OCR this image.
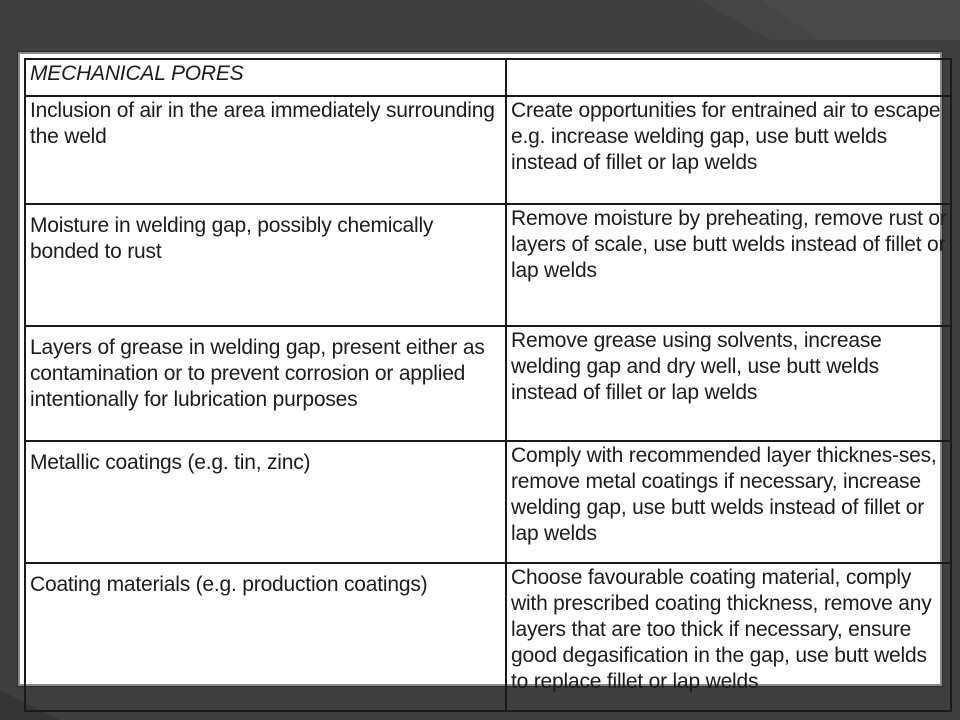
MECHANICAL PORES	
Inclusion of air in the area immediately surrounding the weld	Create opportunities for entrained air to escape e.g. increase welding gap, use butt welds instead of fillet or lap welds
Moisture in welding gap, possibly chemically bonded to rust	Remove moisture by preheating, remove rust or layers of scale, use butt welds instead of fillet or lap welds
Layers of grease in welding gap, present either as contamination or to prevent corrosion or applied intentionally for lubrication purposes	Remove grease using solvents, increase welding gap and dry well, use butt welds instead of fillet or lap welds
Metallic coatings (e.g. tin, zinc)	Comply with recommended layer thicknes-ses, remove metal coatings if necessary, increase welding gap, use butt welds instead of fillet or lap welds
Coating materials (e.g. production coatings)	Choose favourable coating material, comply with prescribed coating thickness, remove any layers that are too thick if necessary, ensure good degasification in the gap, use butt welds to replace fillet or lap welds
